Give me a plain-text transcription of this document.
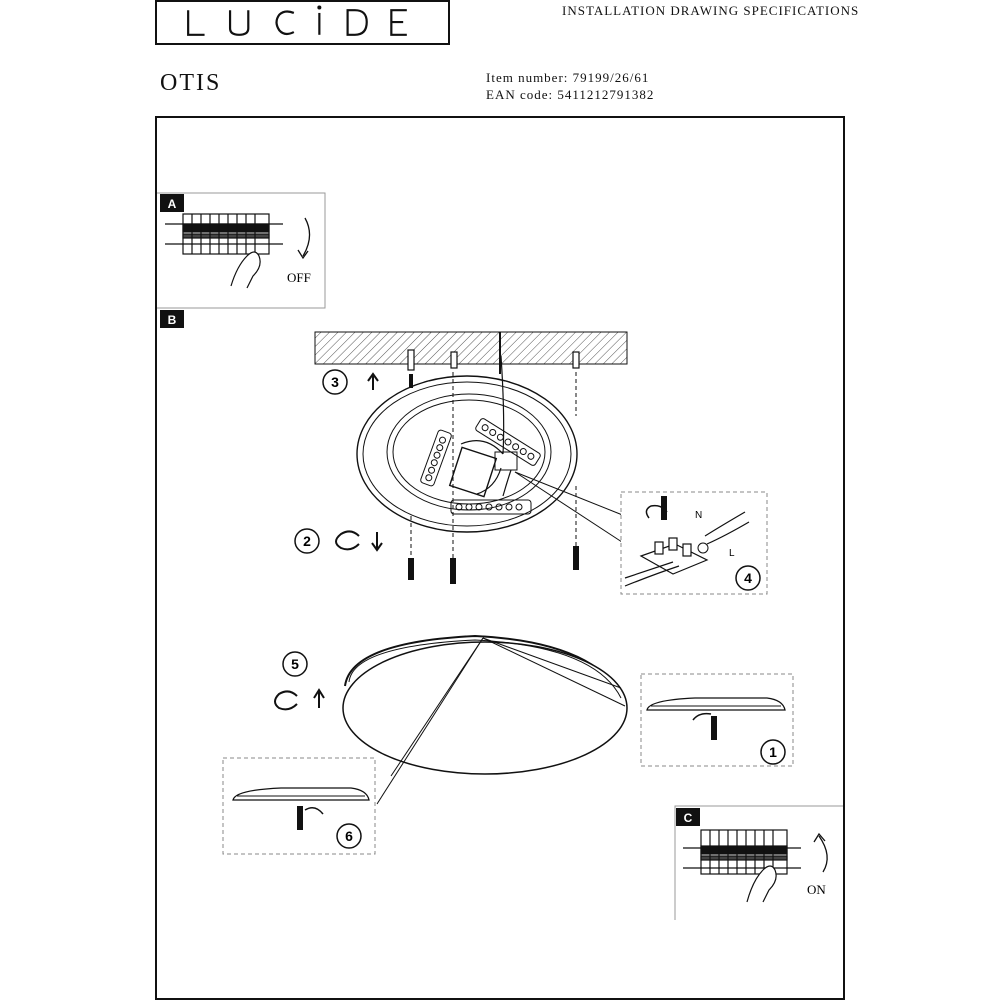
INSTALLATION DRAWING SPECIFICATIONS
OTIS	Item number: 79199/26/61
EAN code: 5411212791382
A
OFF
B
3
2
N
L
4
5
1
6
C
ON
